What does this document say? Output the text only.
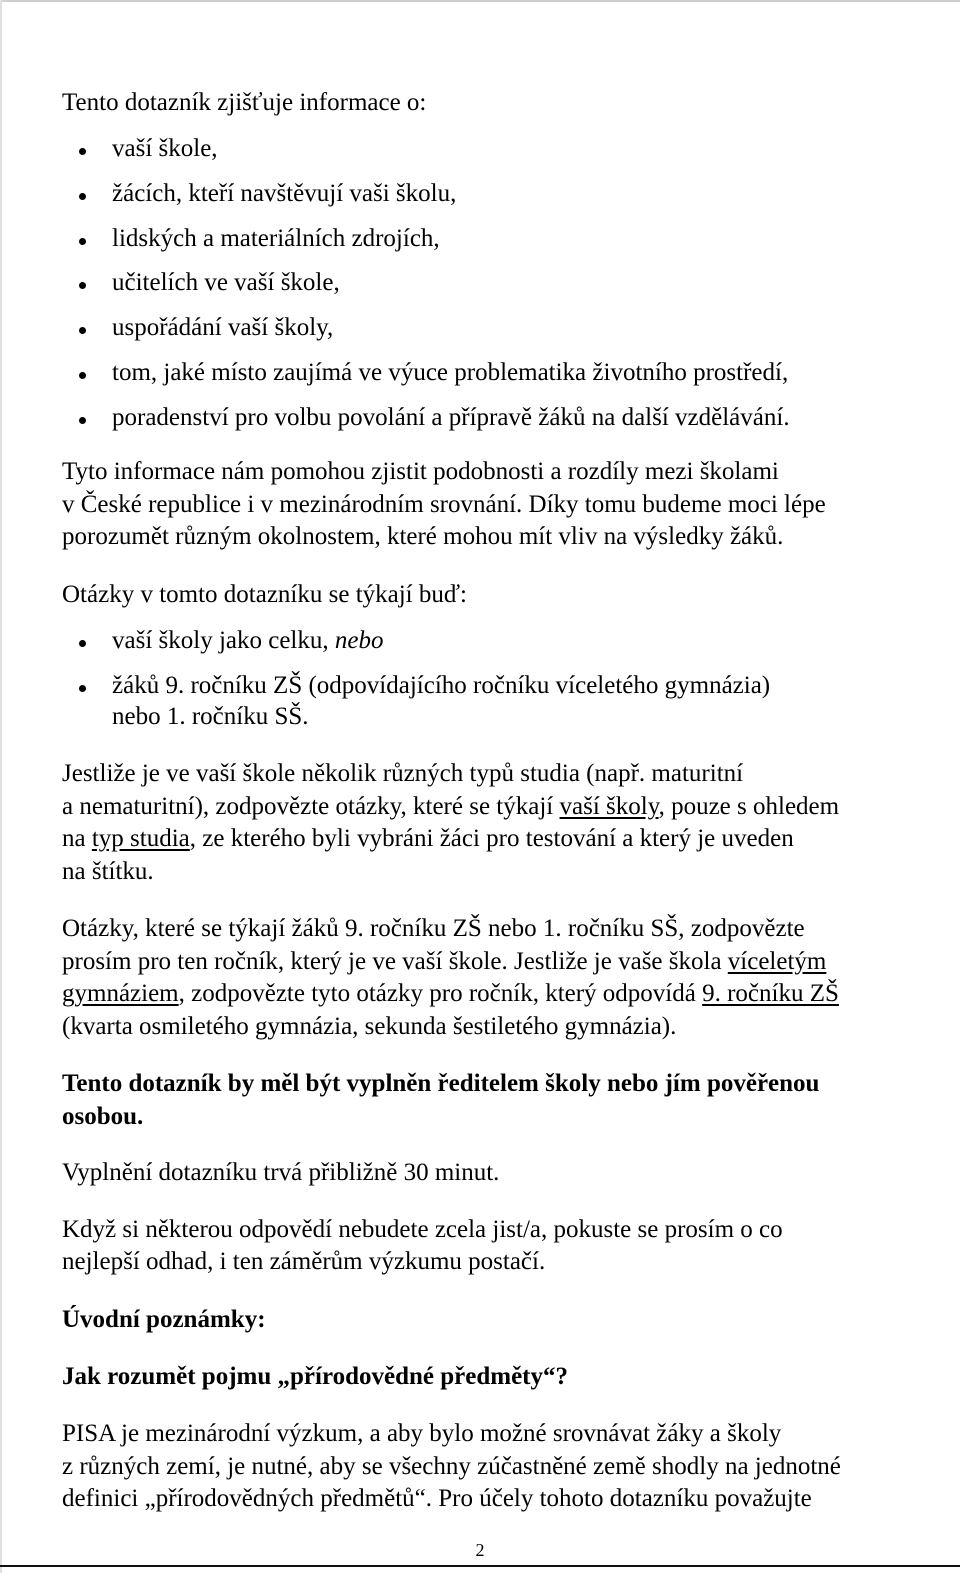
Tento dotazník zjišťuje informace o:

vaší škole,

žácích, kteří navštěvují vaši školu,

lidských a materiálních zdrojích,

učitelích ve vaší škole,

uspořádání vaší školy,

tom, jaké místo zaujímá ve výuce problematika životního prostředí,

poradenství pro volbu povolání a přípravě žáků na další vzdělávání.

Tyto informace nám pomohou zjistit podobnosti a rozdíly mezi školami

v České republice i v mezinárodním srovnání. Díky tomu budeme moci lépe

porozumět různým okolnostem, které mohou mít vliv na výsledky žáků.

Otázky v tomto dotazníku se týkají buď:

vaší školy jako celku, nebo

žáků 9. ročníku ZŠ (odpovídajícího ročníku víceletého gymnázia)

nebo 1. ročníku SŠ.

Jestliže je ve vaší škole několik různých typů studia (např. maturitní

a nematuritní), zodpovězte otázky, které se týkají vaší školy, pouze s ohledem

na typ studia, ze kterého byli vybráni žáci pro testování a který je uveden

na štítku.

Otázky, které se týkají žáků 9. ročníku ZŠ nebo 1. ročníku SŠ, zodpovězte

prosím pro ten ročník, který je ve vaší škole. Jestliže je vaše škola víceletým

gymnáziem, zodpovězte tyto otázky pro ročník, který odpovídá 9. ročníku ZŠ

(kvarta osmiletého gymnázia, sekunda šestiletého gymnázia).

Tento dotazník by měl být vyplněn ředitelem školy nebo jím pověřenou

osobou.

Vyplnění dotazníku trvá přibližně 30 minut.

Když si některou odpovědí nebudete zcela jist/a, pokuste se prosím o co

nejlepší odhad, i ten záměrům výzkumu postačí.

Úvodní poznámky:

Jak rozumět pojmu „přírodovědné předměty“?

PISA je mezinárodní výzkum, a aby bylo možné srovnávat žáky a školy

z různých zemí, je nutné, aby se všechny zúčastněné země shodly na jednotné

definici „přírodovědných předmětů“. Pro účely tohoto dotazníku považujte

2
